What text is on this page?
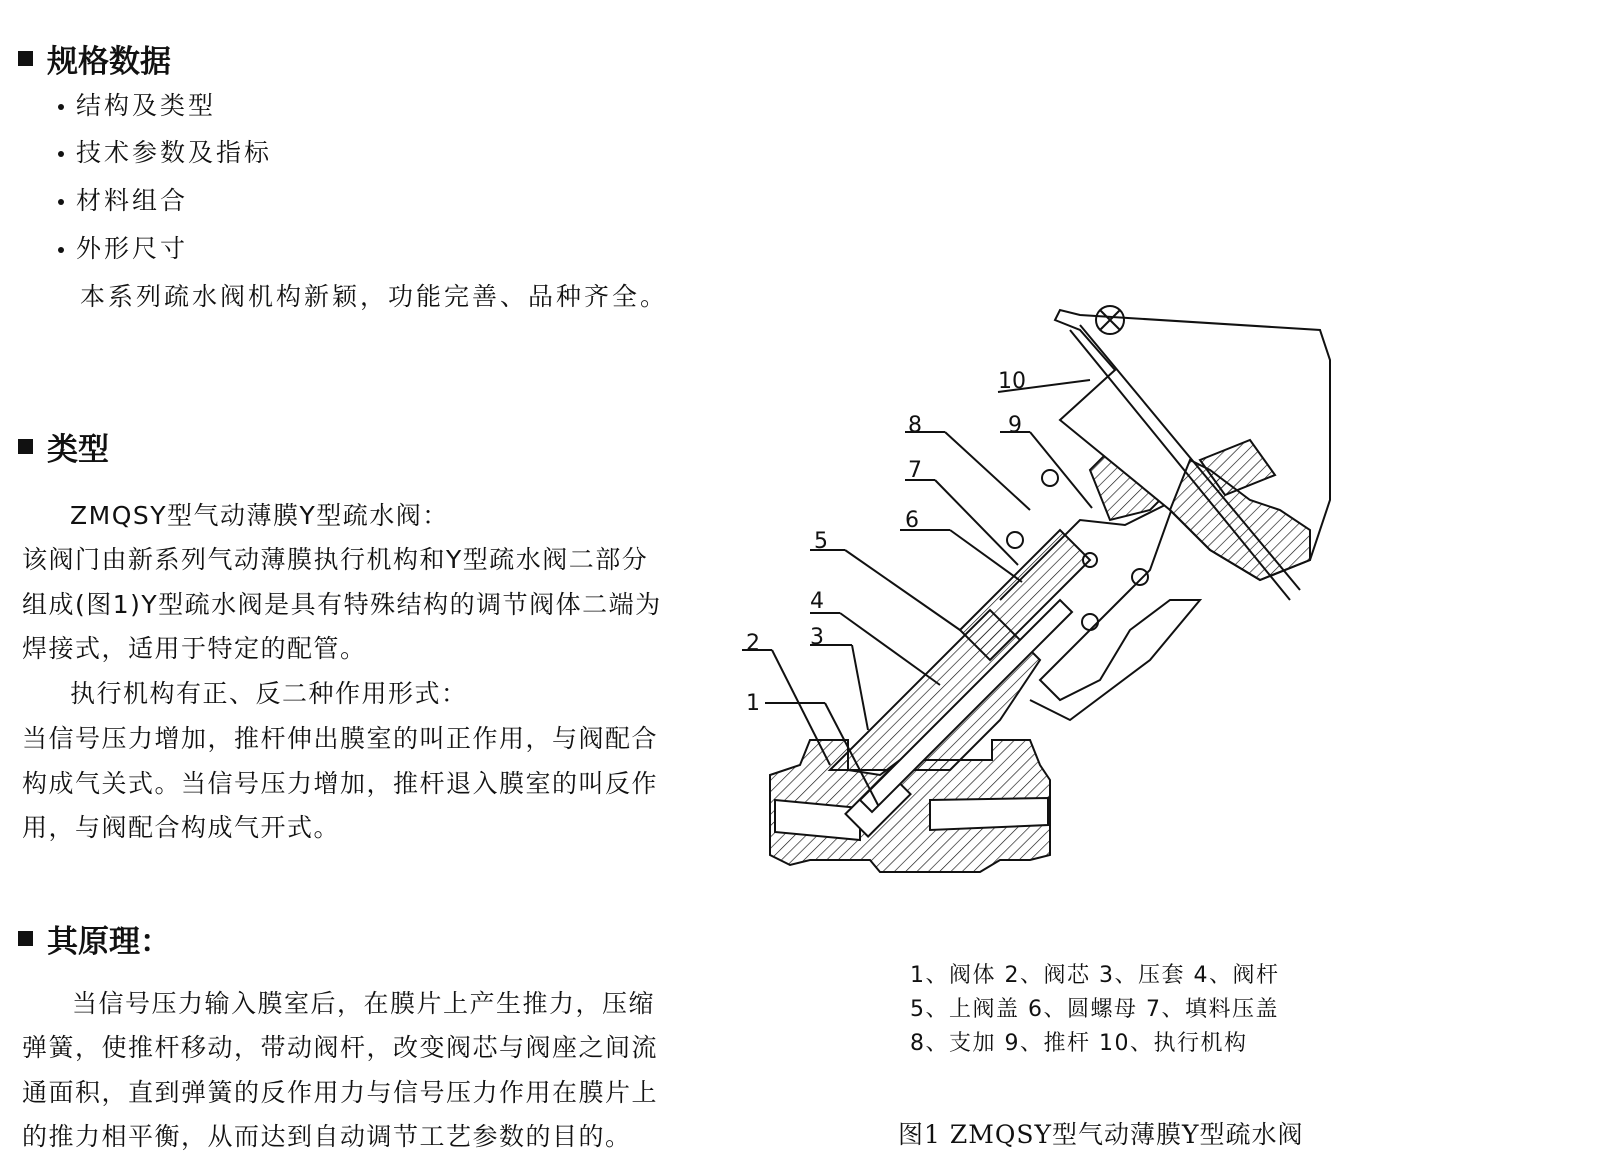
规格数据
结构及类型
技术参数及指标
材料组合
外形尺寸
本系列疏水阀机构新颖，功能完善、品种齐全。
类型
ZMQSY型气动薄膜Y型疏水阀：
该阀门由新系列气动薄膜执行机构和Y型疏水阀二部分
组成(图1)Y型疏水阀是具有特殊结构的调节阀体二端为
焊接式，适用于特定的配管。
执行机构有正、反二种作用形式：
当信号压力增加，推杆伸出膜室的叫正作用，与阀配合
构成气关式。当信号压力增加，推杆退入膜室的叫反作
用，与阀配合构成气开式。
其原理：
当信号压力输入膜室后，在膜片上产生推力，压缩
弹簧，使推杆移动，带动阀杆，改变阀芯与阀座之间流
通面积，直到弹簧的反作用力与信号压力作用在膜片上
的推力相平衡，从而达到自动调节工艺参数的目的。
1
2 3
4
5
6
7
8	9
10
1、阀体 2、阀芯 3、压套 4、阀杆
5、上阀盖 6、圆螺母 7、填料压盖
8、支加 9、推杆 10、执行机构
图1 ZMQSY型气动薄膜Y型疏水阀
